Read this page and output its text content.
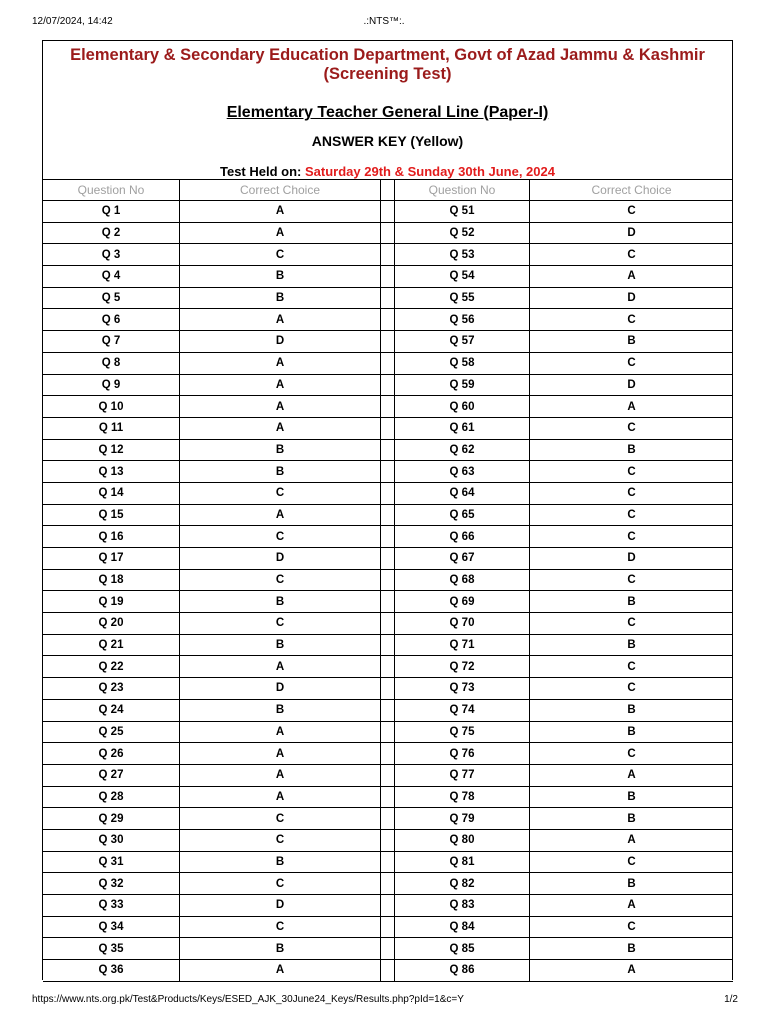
12/07/2024, 14:42	.:NTS™:.
Elementary & Secondary Education Department, Govt of Azad Jammu & Kashmir
(Screening Test)
Elementary Teacher General Line (Paper-I)
ANSWER KEY (Yellow)
Test Held on: Saturday 29th & Sunday 30th June, 2024
Question No	Correct Choice		Question No	Correct Choice
Q 1	A		Q 51	C
Q 2	A		Q 52	D
Q 3	C		Q 53	C
Q 4	B		Q 54	A
Q 5	B		Q 55	D
Q 6	A		Q 56	C
Q 7	D		Q 57	B
Q 8	A		Q 58	C
Q 9	A		Q 59	D
Q 10	A		Q 60	A
Q 11	A		Q 61	C
Q 12	B		Q 62	B
Q 13	B		Q 63	C
Q 14	C		Q 64	C
Q 15	A		Q 65	C
Q 16	C		Q 66	C
Q 17	D		Q 67	D
Q 18	C		Q 68	C
Q 19	B		Q 69	B
Q 20	C		Q 70	C
Q 21	B		Q 71	B
Q 22	A		Q 72	C
Q 23	D		Q 73	C
Q 24	B		Q 74	B
Q 25	A		Q 75	B
Q 26	A		Q 76	C
Q 27	A		Q 77	A
Q 28	A		Q 78	B
Q 29	C		Q 79	B
Q 30	C		Q 80	A
Q 31	B		Q 81	C
Q 32	C		Q 82	B
Q 33	D		Q 83	A
Q 34	C		Q 84	C
Q 35	B		Q 85	B
Q 36	A		Q 86	A
https://www.nts.org.pk/Test&Products/Keys/ESED_AJK_30June24_Keys/Results.php?pId=1&c=Y	1/2
